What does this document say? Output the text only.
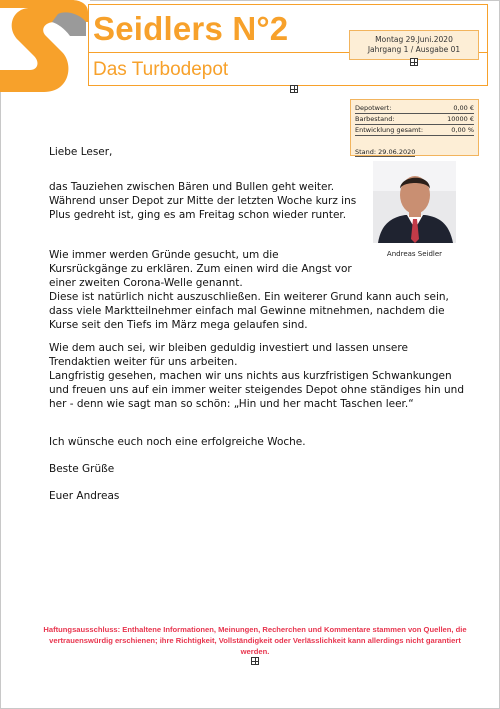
Seidlers N°2
Das Turbodepot
Montag 29.Juni.2020
Jahrgang 1 / Ausgabe 01
Depotwert:	0,00 €
Barbestand:	10000 €
Entwicklung gesamt:	0,00 %
Stand: 29.06.2020
Andreas Seidler
Liebe Leser,
das Tauziehen zwischen Bären und Bullen geht weiter. Während unser Depot zur Mitte der letzten Woche kurz ins Plus gedreht ist, ging es am Freitag schon wieder runter.
Wie immer werden Gründe gesucht, um die Kursrückgänge zu erklären. Zum einen wird die Angst vor einer zweiten Corona-Welle genannt.
Diese ist natürlich nicht auszuschließen. Ein weiterer Grund kann auch sein, dass viele Marktteilnehmer einfach mal Gewinne mitnehmen, nachdem die Kurse seit den Tiefs im März mega gelaufen sind.
Wie dem auch sei, wir bleiben geduldig investiert und lassen unsere Trendaktien weiter für uns arbeiten.
Langfristig gesehen, machen wir uns nichts aus kurzfristigen Schwankungen und freuen uns auf ein immer weiter steigendes Depot ohne ständiges hin und her - denn wie sagt man so schön: „Hin und her macht Taschen leer.“
Ich wünsche euch noch eine erfolgreiche Woche.
Beste Grüße
Euer Andreas
Haftungsausschluss: Enthaltene Informationen, Meinungen, Recherchen und Kommentare stammen von Quellen, die vertrauenswürdig erschienen; ihre Richtigkeit, Vollständigkeit oder Verlässlichkeit kann allerdings nicht garantiert werden.
